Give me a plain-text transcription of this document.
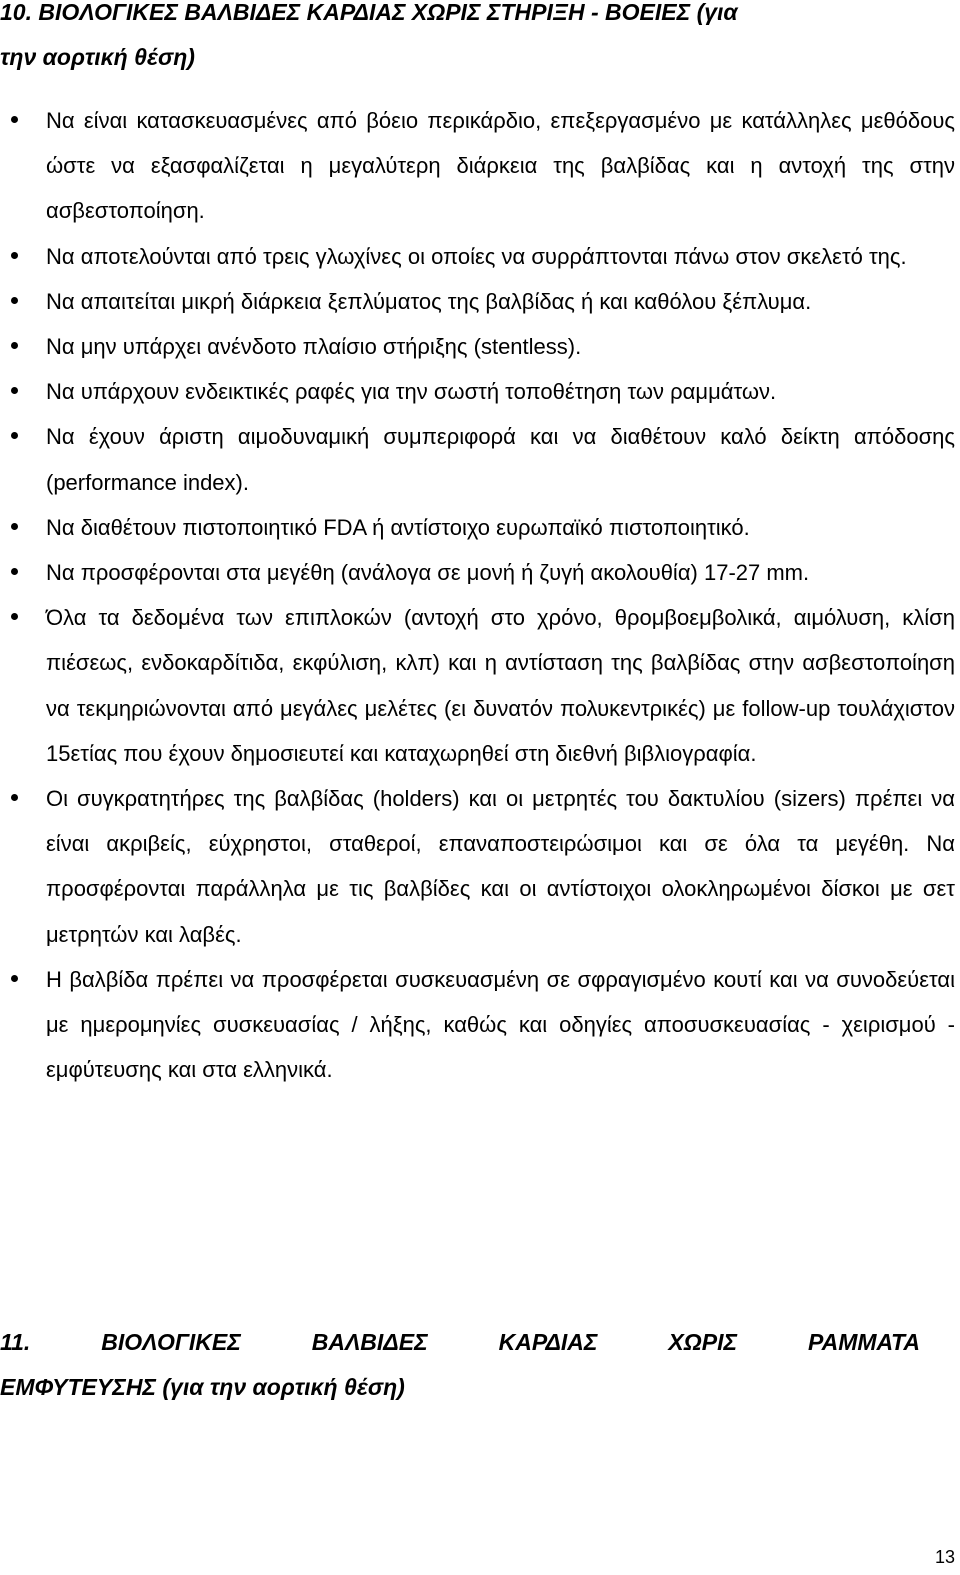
10. ΒΙΟΛΟΓΙΚΕΣ ΒΑΛΒΙΔΕΣ ΚΑΡΔΙΑΣ ΧΩΡΙΣ ΣΤΗΡΙΞΗ - ΒΟΕΙΕΣ (για
την αορτική θέση)
Να είναι κατασκευασμένες από βόειο περικάρδιο, επεξεργασμένο με κατάλληλες μεθόδους ώστε να εξασφαλίζεται η μεγαλύτερη διάρκεια της βαλβίδας και η αντοχή της στην ασβεστοποίηση.
Να αποτελούνται από τρεις γλωχίνες οι οποίες να συρράπτονται πάνω στον σκελετό της.
Να απαιτείται μικρή διάρκεια ξεπλύματος της βαλβίδας ή και καθόλου ξέπλυμα.
Να μην υπάρχει ανένδοτο πλαίσιο στήριξης (stentless).
Να υπάρχουν ενδεικτικές ραφές για την σωστή τοποθέτηση των ραμμάτων.
Να έχουν άριστη αιμοδυναμική συμπεριφορά και να διαθέτουν καλό δείκτη απόδοσης (performance index).
Να διαθέτουν πιστοποιητικό FDA ή αντίστοιχο ευρωπαϊκό πιστοποιητικό.
Να προσφέρονται στα μεγέθη (ανάλογα σε μονή ή ζυγή ακολουθία) 17-27 mm.
Όλα τα δεδομένα των επιπλοκών (αντοχή στο χρόνο, θρομβοεμβολικά, αιμόλυση, κλίση πιέσεως, ενδοκαρδίτιδα, εκφύλιση, κλπ) και η αντίσταση της βαλβίδας στην ασβεστοποίηση να τεκμηριώνονται από μεγάλες μελέτες (ει δυνατόν πολυκεντρικές) με follow-up τουλάχιστον 15ετίας που έχουν δημοσιευτεί και καταχωρηθεί στη διεθνή βιβλιογραφία.
Οι συγκρατητήρες της βαλβίδας (holders) και οι μετρητές του δακτυλίου (sizers) πρέπει να είναι ακριβείς, εύχρηστοι, σταθεροί, επαναποστειρώσιμοι και σε όλα τα μεγέθη. Να προσφέρονται παράλληλα με τις βαλβίδες και οι αντίστοιχοι ολοκληρωμένοι δίσκοι με σετ μετρητών και λαβές.
Η βαλβίδα πρέπει να προσφέρεται συσκευασμένη σε σφραγισμένο κουτί και να συνοδεύεται με ημερομηνίες συσκευασίας / λήξης, καθώς και οδηγίες αποσυσκευασίας - χειρισμού - εμφύτευσης και στα ελληνικά.
11. ΒΙΟΛΟΓΙΚΕΣ ΒΑΛΒΙΔΕΣ ΚΑΡΔΙΑΣ ΧΩΡΙΣ ΡΑΜΜΑΤΑ
ΕΜΦΥΤΕΥΣΗΣ (για την αορτική θέση)
13
